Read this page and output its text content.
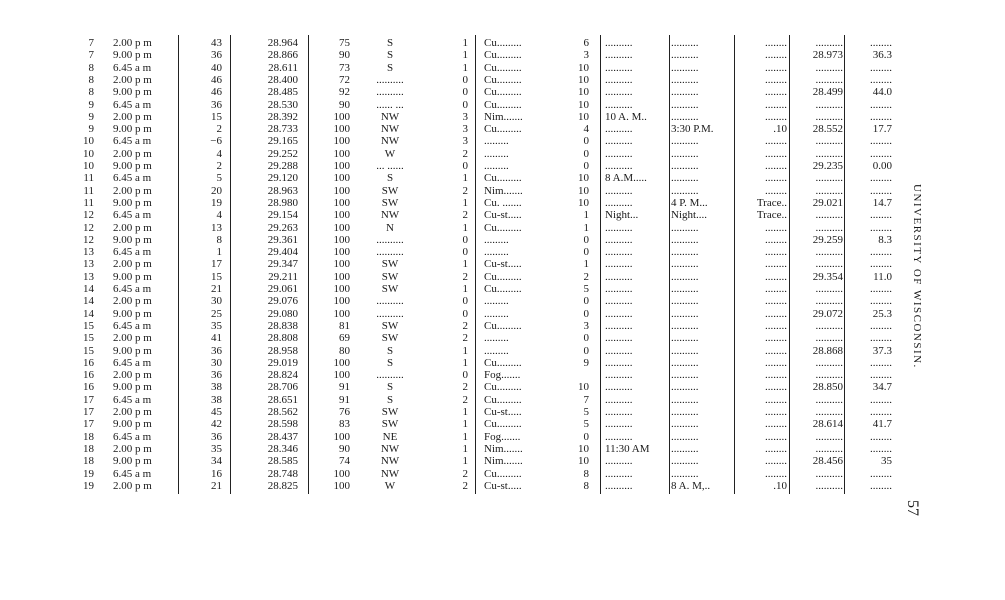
7 2.00 p m	43	28.964	75	S	1 Cu.........	6 ..........	..........	........	..........	........
7 9.00 p m	36	28.866	90	S	1 Cu.........	3 ..........	..........	........	28.973	36.3
8 6.45 a m	40	28.611	73	S	1 Cu.........	10 ..........	..........	........	..........	........
8 2.00 p m	46	28.400	72	..........	0 Cu.........	10 ..........	..........	........	..........	........
8 9.00 p m	46	28.485	92	..........	0 Cu.........	10 ..........	..........	........	28.499	44.0
9 6.45 a m	36	28.530	90	...... ...	0 Cu.........	10 ..........	..........	........	..........	........
9 2.00 p m	15	28.392	100	NW	3 Nim.......	10 10 A. M..	..........	........	..........	........
9 9.00 p m	2	28.733	100	NW	3 Cu.........	4 ..........	3:30 P.M.	.10	28.552	17.7
10 6.45 a m	−6	29.165	100	NW	3 .........	0 ..........	..........	........	..........	........
10 2.00 p m	4	29.252	100	W	2 .........	0 ..........	..........	........	..........	........
10 9.00 p m	2	29.288	100	... ......	0 .........	0 ..........	..........	........	29.235	0.00
11 6.45 a m	5	29.120	100	S	1 Cu.........	10 8 A.M.....	..........	........	..........	........
11 2.00 p m	20	28.963	100	SW	2 Nim.......	10 ..........	..........	........	..........	........
11 9.00 p m	19	28.980	100	SW	1 Cu. .......	10 ..........	4 P. M...	Trace..	29.021	14.7
12 6.45 a m	4	29.154	100	NW	2 Cu-st.....	1 Night...	Night....	Trace..	..........	........
12 2.00 p m	13	29.263	100	N	1 Cu.........	1 ..........	..........	........	..........	........
12 9.00 p m	8	29.361	100	..........	0 .........	0 ..........	..........	........	29.259	8.3
13 6.45 a m	1	29.404	100	..........	0 .........	0 ..........	..........	........	..........	........
13 2.00 p m	17	29.347	100	SW	1 Cu-st.....	1 ..........	..........	........	..........	........
13 9.00 p m	15	29.211	100	SW	2 Cu.........	2 ..........	..........	........	29.354	11.0
14 6.45 a m	21	29.061	100	SW	1 Cu.........	5 ..........	..........	........	..........	........
14 2.00 p m	30	29.076	100	..........	0 .........	0 ..........	..........	........	..........	........
14 9.00 p m	25	29.080	100	..........	0 .........	0 ..........	..........	........	29.072	25.3
15 6.45 a m	35	28.838	81	SW	2 Cu.........	3 ..........	..........	........	..........	........
15 2.00 p m	41	28.808	69	SW	2 .........	0 ..........	..........	........	..........	........
15 9.00 p m	36	28.958	80	S	1 .........	0 ..........	..........	........	28.868	37.3
16 6.45 a m	30	29.019	100	S	1 Cu.........	9 ..........	..........	........	..........	........
16 2.00 p m	36	28.824	100	..........	0 Fog.......	..........	..........	........	..........	........
16 9.00 p m	38	28.706	91	S	2 Cu.........	10 ..........	..........	........	28.850	34.7
17 6.45 a m	38	28.651	91	S	2 Cu.........	7 ..........	..........	........	..........	........
17 2.00 p m	45	28.562	76	SW	1 Cu-st.....	5 ..........	..........	........	..........	........
17 9.00 p m	42	28.598	83	SW	1 Cu.........	5 ..........	..........	........	28.614	41.7
18 6.45 a m	36	28.437	100	NE	1 Fog.......	0 ..........	..........	........	..........	........
18 2.00 p m	35	28.346	90	NW	1 Nim.......	10 11:30 AM	..........	........	..........	........
18 9.00 p m	34	28.585	74	NW	1 Nim.......	10 ..........	..........	........	28.456	35
19 6.45 a m	16	28.748	100	NW	2 Cu.........	8 ..........	..........	........	..........	........
19 2.00 p m	21	28.825	100	W	2 Cu-st.....	8 ..........	8 A. M,..	.10	..........	........
UNIVERSITY OF WISCONSIN.
57
